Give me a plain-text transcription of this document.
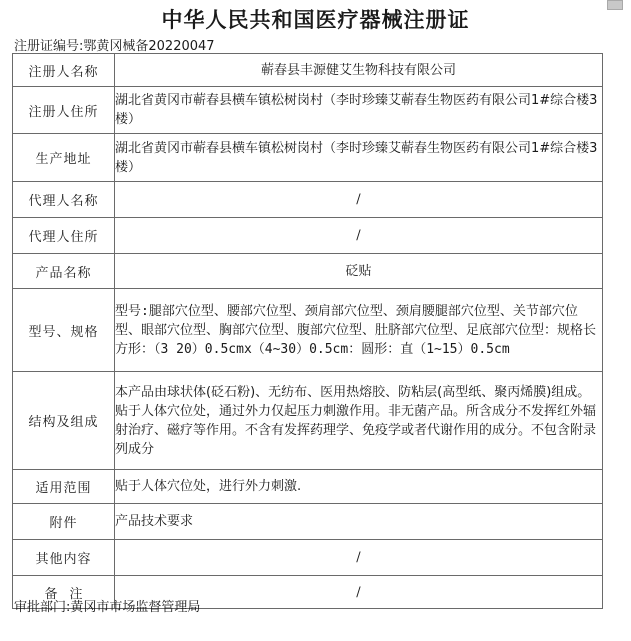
中华人民共和国医疗器械注册证
注册证编号:鄂黄冈械备20220047
注册人名称	蕲春县丰源健艾生物科技有限公司
注册人住所	湖北省黄冈市蕲春县横车镇松树岗村（李时珍臻艾蕲春生物医药有限公司1#综合楼3楼）
生产地址	湖北省黄冈市蕲春县横车镇松树岗村（李时珍臻艾蕲春生物医药有限公司1#综合楼3楼）
代理人名称	/
代理人住所	/
产品名称	砭贴
型号、规格	型号:腿部穴位型、腰部穴位型、颈肩部穴位型、颈肩腰腿部穴位型、关节部穴位型、眼部穴位型、胸部穴位型、腹部穴位型、肚脐部穴位型、足底部穴位型：规格长方形：（3 20）0.5cmx（4~30）0.5cm：圆形：直（1~15）0.5cm
结构及组成	本产品由球状体(砭石粉)、无纺布、医用热熔胶、防粘层(高型纸、聚丙烯膜)组成。贴于人体穴位处，通过外力仅起压力刺激作用。非无菌产品。所含成分不发挥红外辐射治疗、磁疗等作用。不含有发挥药理学、免疫学或者代谢作用的成分。不包含附录列成分
适用范围	贴于人体穴位处，进行外力刺激.
附件	产品技术要求
其他内容	/
备注	/
审批部门:黄冈市市场监督管理局
